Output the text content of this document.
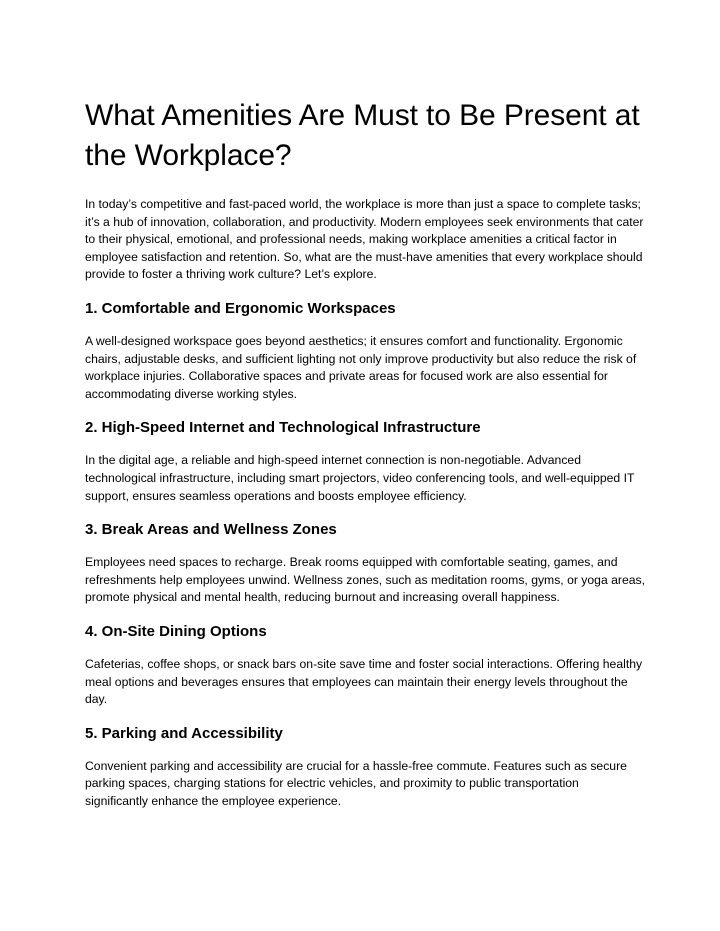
What Amenities Are Must to Be Present at the Workplace?

In today’s competitive and fast-paced world, the workplace is more than just a space to complete tasks; it’s a hub of innovation, collaboration, and productivity. Modern employees seek environments that cater to their physical, emotional, and professional needs, making workplace amenities a critical factor in employee satisfaction and retention. So, what are the must-have amenities that every workplace should provide to foster a thriving work culture? Let’s explore.

1. Comfortable and Ergonomic Workspaces

A well-designed workspace goes beyond aesthetics; it ensures comfort and functionality. Ergonomic chairs, adjustable desks, and sufficient lighting not only improve productivity but also reduce the risk of workplace injuries. Collaborative spaces and private areas for focused work are also essential for accommodating diverse working styles.

2. High-Speed Internet and Technological Infrastructure

In the digital age, a reliable and high-speed internet connection is non-negotiable. Advanced technological infrastructure, including smart projectors, video conferencing tools, and well-equipped IT support, ensures seamless operations and boosts employee efficiency.

3. Break Areas and Wellness Zones

Employees need spaces to recharge. Break rooms equipped with comfortable seating, games, and refreshments help employees unwind. Wellness zones, such as meditation rooms, gyms, or yoga areas, promote physical and mental health, reducing burnout and increasing overall happiness.

4. On-Site Dining Options

Cafeterias, coffee shops, or snack bars on-site save time and foster social interactions. Offering healthy meal options and beverages ensures that employees can maintain their energy levels throughout the day.

5. Parking and Accessibility

Convenient parking and accessibility are crucial for a hassle-free commute. Features such as secure parking spaces, charging stations for electric vehicles, and proximity to public transportation significantly enhance the employee experience.
